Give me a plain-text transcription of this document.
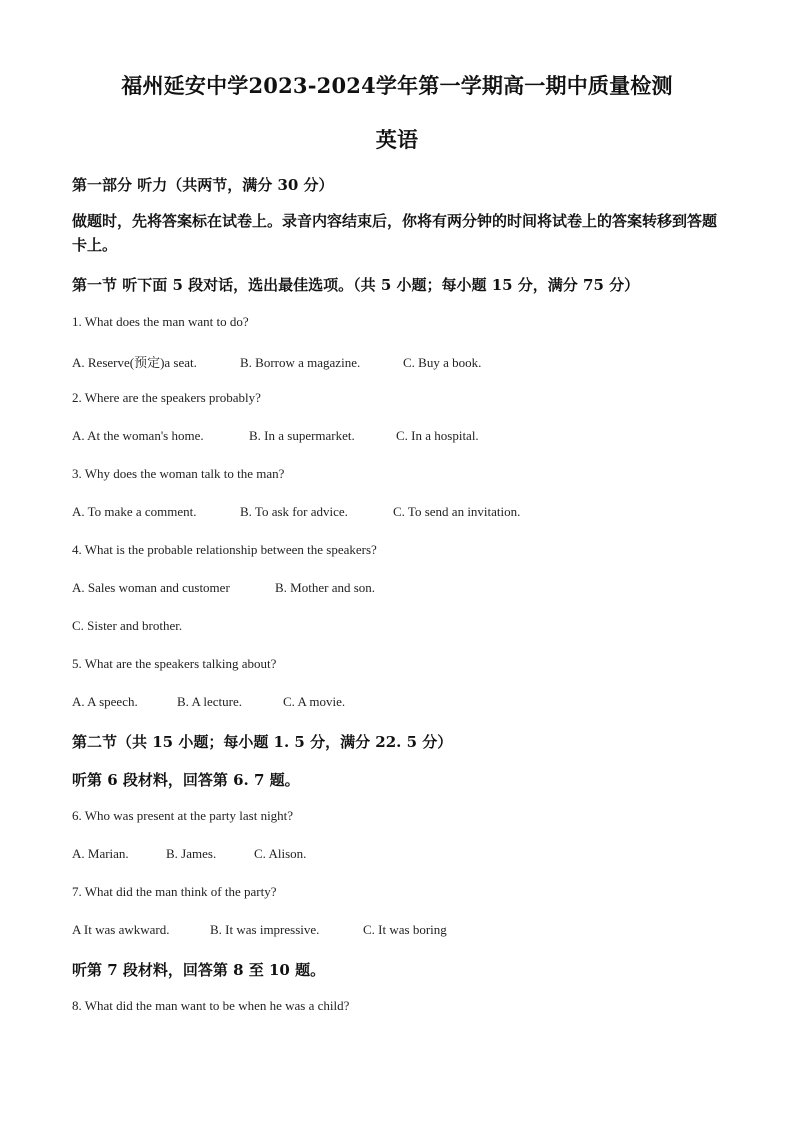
福州延安中学2023-2024学年第一学期高一期中质量检测
英语
第一部分 听力（共两节，满分 30 分）
做题时，先将答案标在试卷上。录音内容结束后，你将有两分钟的时间将试卷上的答案转移到答题卡上。
第一节 听下面 5 段对话，选出最佳选项。（共 5 小题；每小题 15 分，满分 75 分）
1. What does the man want to do?
A. Reserve(预定)a seat.	B. Borrow a magazine.	C. Buy a book.
2. Where are the speakers probably?
A. At the woman's home.	B. In a supermarket.	C. In a hospital.
3. Why does the woman talk to the man?
A. To make a comment.	B. To ask for advice.	C. To send an invitation.
4. What is the probable relationship between the speakers?
A. Sales woman and customer	B. Mother and son.
C. Sister and brother.
5. What are the speakers talking about?
A. A speech.	B. A lecture.	C. A movie.
第二节（共 15 小题；每小题 1. 5 分，满分 22. 5 分）
听第 6 段材料，回答第 6. 7 题。
6. Who was present at the party last night?
A. Marian.	B. James.	C. Alison.
7. What did the man think of the party?
A It was awkward.	B. It was impressive.	C. It was boring
听第 7 段材料，回答第 8 至 10 题。
8. What did the man want to be when he was a child?
